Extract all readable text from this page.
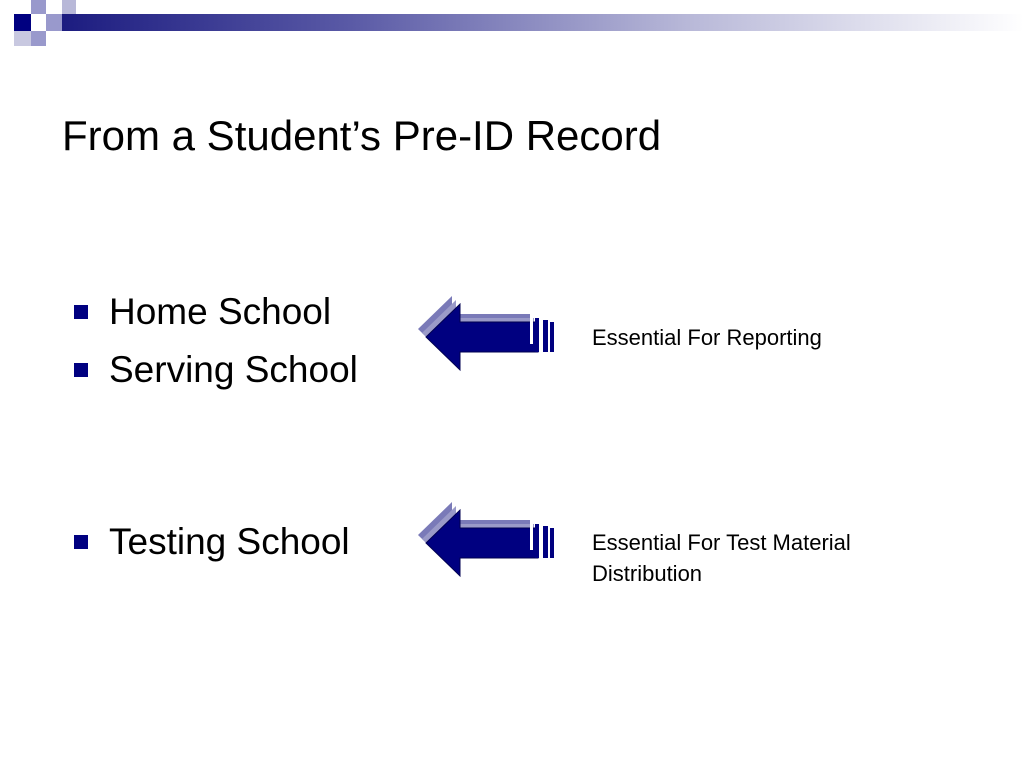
From a Student’s Pre-ID Record
Home School
Serving School
Testing School
Essential For Reporting
Essential For Test Material Distribution
